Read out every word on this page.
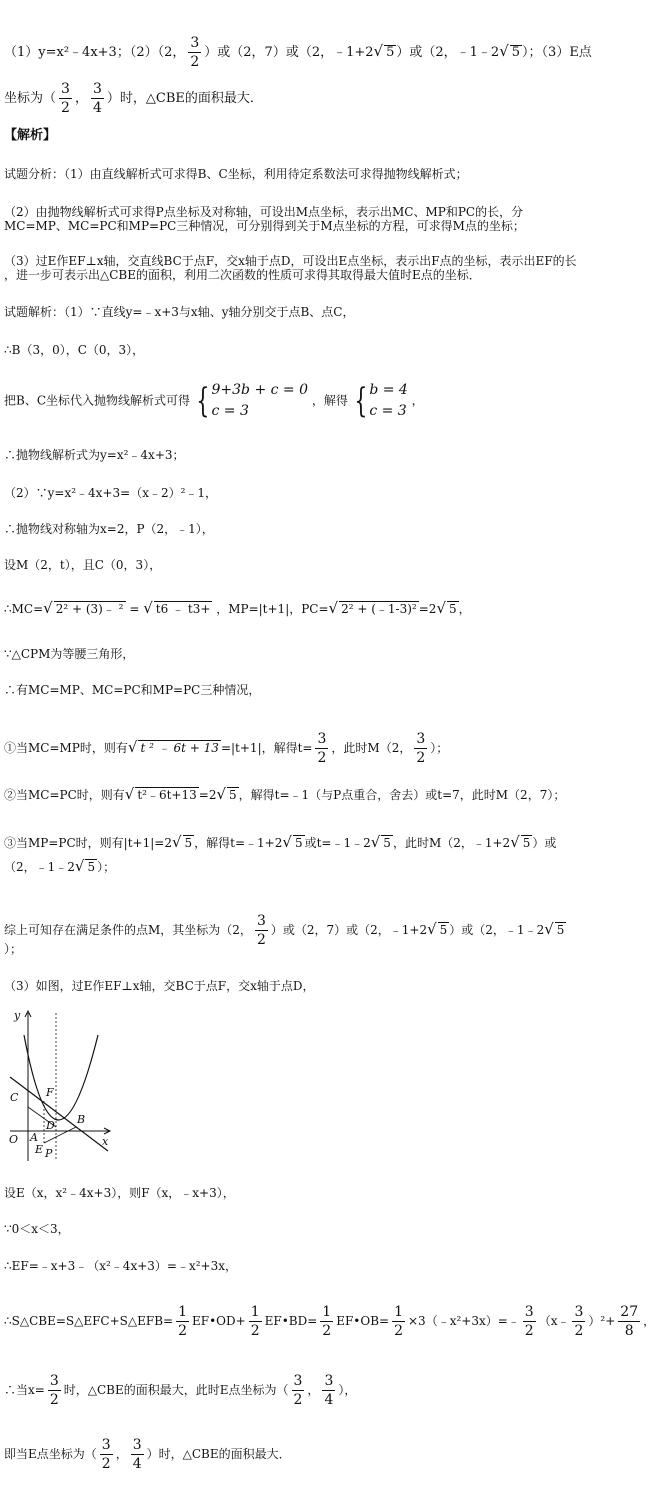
（1）y=x²﹣4x+3；（2）（2， $\frac{3}{2}$ ）或（2，7）或（2，﹣1+2√ 5 ）或（2，﹣1﹣2√ 5 ）；（3）E点
坐标为（ $\frac{3}{2}$ ， $\frac{3}{4}$ ）时，△CBE的面积最大．
【解析】
试题分析：（1）由直线解析式可求得B、C坐标，利用待定系数法可求得抛物线解析式；
（2）由抛物线解析式可求得P点坐标及对称轴，可设出M点坐标，表示出MC、MP和PC的长，分
MC=MP、MC=PC和MP=PC三种情况，可分别得到关于M点坐标的方程，可求得M点的坐标；
（3）过E作EF⊥x轴，交直线BC于点F，交x轴于点D，可设出E点坐标，表示出F点的坐标，表示出EF的长
，进一步可表示出△CBE的面积，利用二次函数的性质可求得其取得最大值时E点的坐标．
试题解析：（1）∵直线y=﹣x+3与x轴、y轴分别交于点B、点C，
∴B（3，0），C（0，3），
把B、C坐标代入抛物线解析式可得 { 9+3b + c = 0
c = 3
，解得 { b = 4
c = 3
，
∴抛物线解析式为y=x²﹣4x+3；
（2）∵y=x²﹣4x+3=（x﹣2）²﹣1，
∴抛物线对称轴为x=2，P（2，﹣1），
设M（2，t），且C（0，3），
∴MC=√ 2² + (3)﹣ ² = √ t6 ﹣ t3+ ，MP=|t+1|，PC=√ 2² + (﹣1-3)² =2√ 5 ，
∵△CPM为等腰三角形，
∴有MC=MP、MC=PC和MP=PC三种情况，
①当MC=MP时，则有√ t ² ﹣ 6t + 13 =|t+1|，解得$t= \frac{3}{2}$ ，此时M（2， $\frac{3}{2}$ ）；
②当MC=PC时，则有√ t²﹣6t+13 =2√ 5 ，解得t=﹣1（与P点重合，舍去）或t=7，此时M（2，7）；
③当MP=PC时，则有|t+1|=2√ 5 ，解得t=﹣1+2√ 5 或t=﹣1﹣2√ 5 ，此时M（2，﹣1+2√ 5 ）或
（2，﹣1﹣2√ 5 ）；
综上可知存在满足条件的点M，其坐标为（2， $\frac{3}{2}$ ）或（2，7）或（2，﹣1+2√ 5 ）或（2，﹣1﹣2√ 5
）；
（3）如图，过E作EF⊥x轴，交BC于点F，交x轴于点D，
y
x
C	F
B
O A
D
E P
设E（x，x²﹣4x+3），则F（x，﹣x+3），
∵0＜x＜3，
∴EF=﹣x+3﹣（x²﹣4x+3）=﹣x²+3x，
∴S△CBE=S△EFC+S△EFB= $\frac{1}{2}$ EF•OD+ $\frac{1}{2}$ EF•BD= $\frac{1}{2}$ EF•OB= $\frac{1}{2}$ ×3（﹣x²+3x）=﹣ $\frac{3}{2}$ （x﹣ $\frac{3}{2} )^2+ \frac{27}{8}$ ，
∴当$x= \frac{3}{2}$ 时，△CBE的面积最大，此时E点坐标为（ $\frac{3}{2}$ ， $\frac{3}{4}$ ），
即当E点坐标为（ $\frac{3}{2}$ ， $\frac{3}{4}$ ）时，△CBE的面积最大．
